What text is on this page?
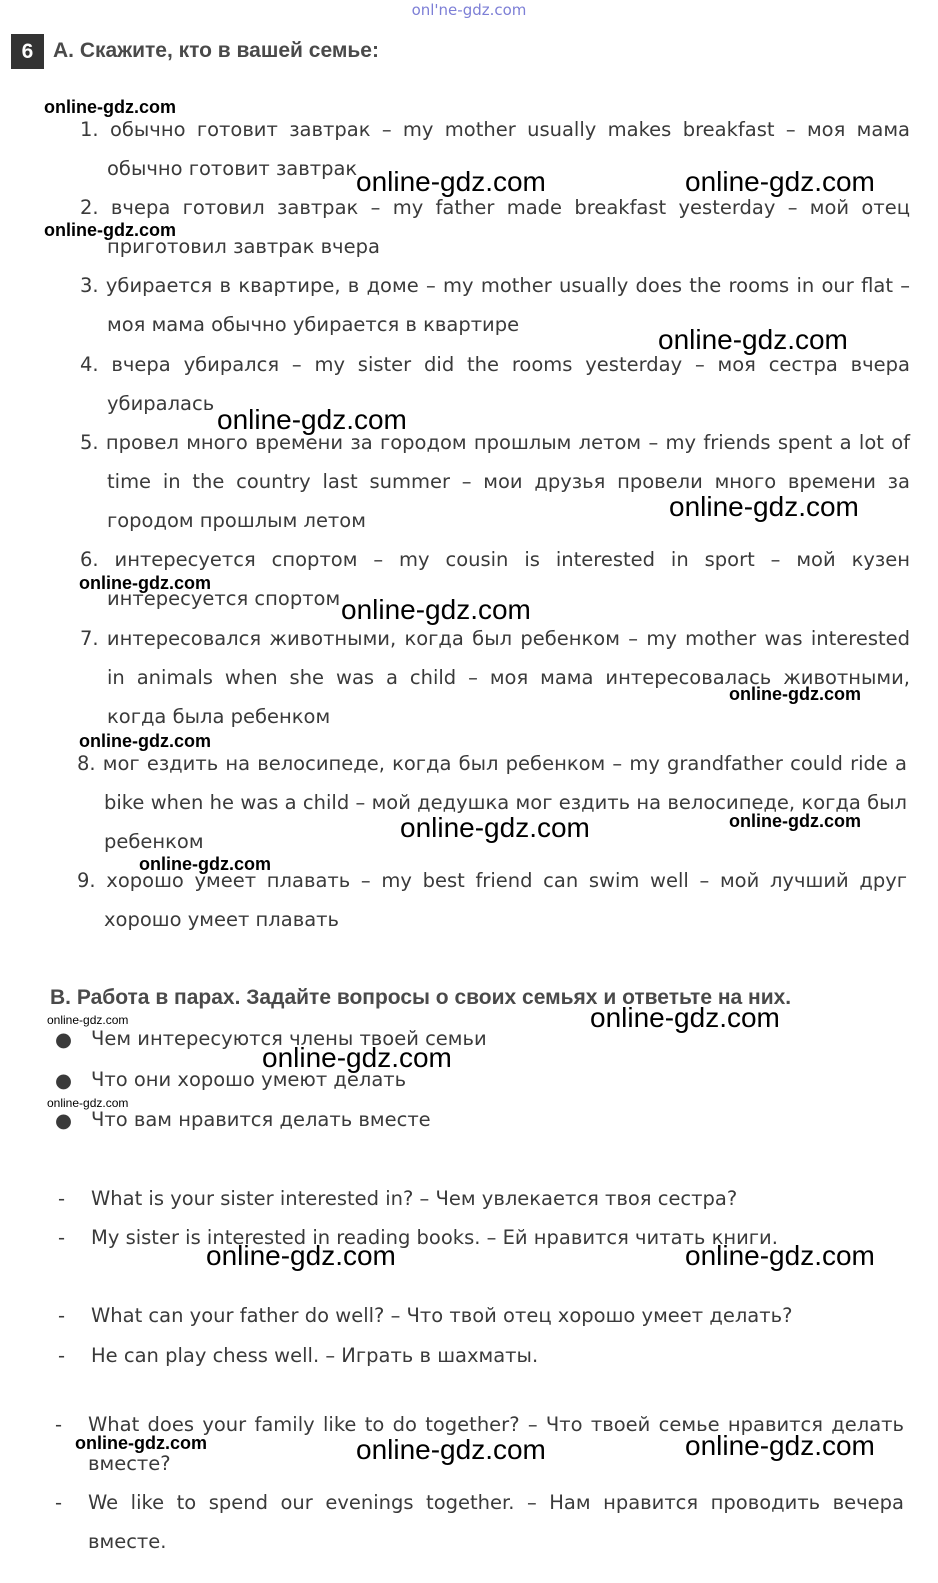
onl'ne-gdz.com
6 A. Скажите, кто в вашей семье:
1. обычно готовит завтрак – my mother usually makes breakfast – моя мама
обычно готовит завтрак
2. вчера готовил завтрак – my father made breakfast yesterday – мой отец
приготовил завтрак вчера
3. убирается в квартире, в доме – my mother usually does the rooms in our flat –
моя мама обычно убирается в квартире
4. вчера убирался – my sister did the rooms yesterday – моя сестра вчера
убиралась
5. провел много времени за городом прошлым летом – my friends spent a lot of
time in the country last summer – мои друзья провели много времени за
городом прошлым летом
6. интересуется спортом – my cousin is interested in sport – мой кузен
интересуется спортом
7. интересовался животными, когда был ребенком – my mother was interested
in animals when she was a child – моя мама интересовалась животными,
когда была ребенком
8. мог ездить на велосипеде, когда был ребенком – my grandfather could ride a
bike when he was a child – мой дедушка мог ездить на велосипеде, когда был
ребенком
9. хорошо умеет плавать – my best friend can swim well – мой лучший друг
хорошо умеет плавать
B. Работа в парах. Задайте вопросы о своих семьях и ответьте на них.
● Чем интересуются члены твоей семьи
● Что они хорошо умеют делать
● Что вам нравится делать вместе
- What is your sister interested in? – Чем увлекается твоя сестра?
- My sister is interested in reading books. – Ей нравится читать книги.
- What can your father do well? – Что твой отец хорошо умеет делать?
- He can play chess well. – Играть в шахматы.
- What does your family like to do together? – Что твоей семье нравится делать
вместе?
- We like to spend our evenings together. – Нам нравится проводить вечера
вместе.
online-gdz.com
online-gdz.com	online-gdz.com
online-gdz.com
online-gdz.com
online-gdz.com
online-gdz.com
online-gdz.com
online-gdz.com
online-gdz.com
online-gdz.com
online-gdz.com	online-gdz.com
online-gdz.com
online-gdz.com
online-gdz.com
online-gdz.com
online-gdz.com
online-gdz.com	online-gdz.com
online-gdz.com	online-gdz.com	online-gdz.com
